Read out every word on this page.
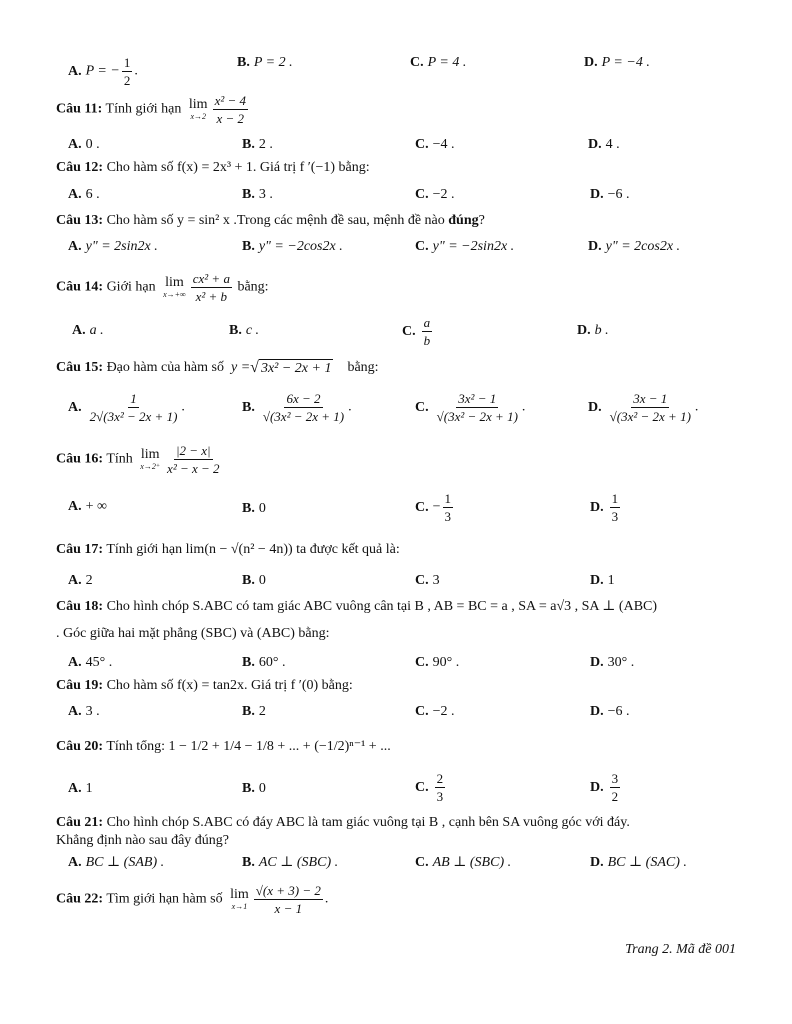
A. P = − $\frac{1}{2}$ .
B. P = 2 .	C. P = 4 .	D. P = −4 .
Câu 11: Tính giới hạn lim
$x\to 2 \frac{\text{x² − 4}}{x - 2}$
A. 0 .	B. 2 .	C. −4 .	D. 4 .
Câu 12: Cho hàm số f(x) = 2x³ + 1. Giá trị f ′(−1) bằng:
A. 6 .	B. 3 .	C. −2 .	D. −6 .
Câu 13: Cho hàm số y = sin² x .Trong các mệnh đề sau, mệnh đề nào đúng?
A. y" = 2sin2x .	B. y" = −2cos2x .	C. y" = −2sin2x .	D. y" = 2cos2x .
Câu 14: Giới hạn lim
$x\to+\infty \frac{\text{cx² + a}}{\text{x² + b}}$ bằng:
A. a .	B. c .	C. $\frac{a}{b}$	D. b .
Câu 15: Đạo hàm của hàm số y =√ 3x² − 2x + 1 bằng:
A. $\frac{1}{\text{2√(3x² − 2x + 1)}}$ .	B. $\frac{6x - 2}{\text{√(3x² − 2x + 1)}}$ .	C. $\frac{\text{3x² − 1}}{\text{√(3x² − 2x + 1)}}$ .	D. $\frac{3x - 1}{\text{√(3x² − 2x + 1)}}$ .
Câu 16: Tính lim
$x\to 2^+ \frac{|2 - x|}{\text{x² − x − 2}}$
A. + ∞	B. 0	C. − $\frac{1}{3}$	D. $\frac{1}{3}$
Câu 17: Tính giới hạn lim(n − √(n² − 4n)) ta được kết quả là:
A. 2	B. 0	C. 3	D. 1
Câu 18: Cho hình chóp S.ABC có tam giác ABC vuông cân tại B , AB = BC = a , SA = a√3 , SA ⊥ (ABC)
. Góc giữa hai mặt phẳng (SBC) và (ABC) bằng:
A. 45° .	B. 60° .	C. 90° .	D. 30° .
Câu 19: Cho hàm số f(x) = tan2x. Giá trị f ′(0) bằng:
A. 3 .	B. 2	C. −2 .	D. −6 .
Câu 20: Tính tổng: 1 − 1/2 + 1/4 − 1/8 + ... + (−1/2)ⁿ⁻¹ + ...
A. 1	B. 0	C. $\frac{2}{3}$	D. $\frac{3}{2}$
Câu 21: Cho hình chóp S.ABC có đáy ABC là tam giác vuông tại B , cạnh bên SA vuông góc với đáy.
Khẳng định nào sau đây đúng?
A. BC ⊥ (SAB) .	B. AC ⊥ (SBC) .	C. AB ⊥ (SBC) .	D. BC ⊥ (SAC) .
Câu 22: Tìm giới hạn hàm số lim
$x\to 1 \frac{√(x + 3) - 2}{x - 1}$ .
Trang 2. Mã đề 001
